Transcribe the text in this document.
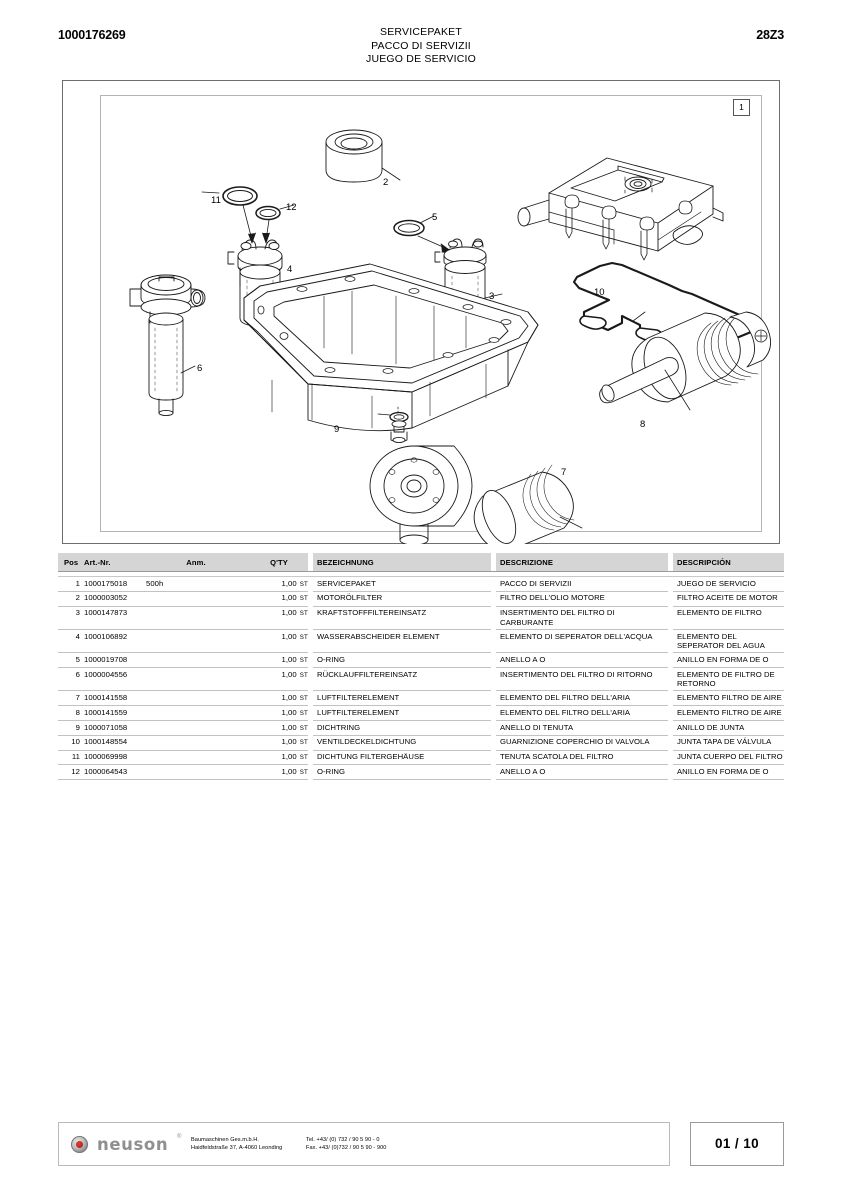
1000176269	SERVICEPAKET
PACCO DI SERVIZII
JUEGO DE SERVICIO
28Z3
1
2
11
12
4
5
3	10
6
9	8
7
Pos	Art.-Nr.	Anm.	Q'TY		BEZEICHNUNG		DESCRIZIONE		DESCRIPCIÓN

1	1000175018	500h	1,00 ST		SERVICEPAKET		PACCO DI SERVIZII		JUEGO DE SERVICIO
2	1000003052		1,00 ST		MOTORÖLFILTER		FILTRO DELL'OLIO MOTORE		FILTRO ACEITE DE MOTOR
3	1000147873		1,00 ST		KRAFTSTOFFFILTEREINSATZ		INSERTIMENTO DEL FILTRO DI CARBURANTE		ELEMENTO DE FILTRO
4	1000106892		1,00 ST		WASSERABSCHEIDER ELEMENT		ELEMENTO DI SEPERATOR DELL'ACQUA		ELEMENTO DEL SEPERATOR DEL AGUA
5	1000019708		1,00 ST		O-RING		ANELLO A O		ANILLO EN FORMA DE O
6	1000004556		1,00 ST		RÜCKLAUFFILTEREINSATZ		INSERTIMENTO DEL FILTRO DI RITORNO		ELEMENTO DE FILTRO DE RETORNO
7	1000141558		1,00 ST		LUFTFILTERELEMENT		ELEMENTO DEL FILTRO DELL'ARIA		ELEMENTO FILTRO DE AIRE
8	1000141559		1,00 ST		LUFTFILTERELEMENT		ELEMENTO DEL FILTRO DELL'ARIA		ELEMENTO FILTRO DE AIRE
9	1000071058		1,00 ST		DICHTRING		ANELLO DI TENUTA		ANILLO DE JUNTA
10	1000148554		1,00 ST		VENTILDECKELDICHTUNG		GUARNIZIONE COPERCHIO DI VALVOLA		JUNTA TAPA DE VÁLVULA
11	1000069998		1,00 ST		DICHTUNG FILTERGEHÄUSE		TENUTA SCATOLA DEL FILTRO		JUNTA CUERPO DEL FILTRO
12	1000064543		1,00 ST		O-RING		ANELLO A O		ANILLO EN FORMA DE O
neuson ® Baumaschinen Ges.m.b.H.
Haidfeldstraße 37, A-4060 Leonding
Tel. +43/ (0) 732 / 90 5 90 - 0
Fax. +43/ (0)732 / 90 5 90 - 900	01 / 10
